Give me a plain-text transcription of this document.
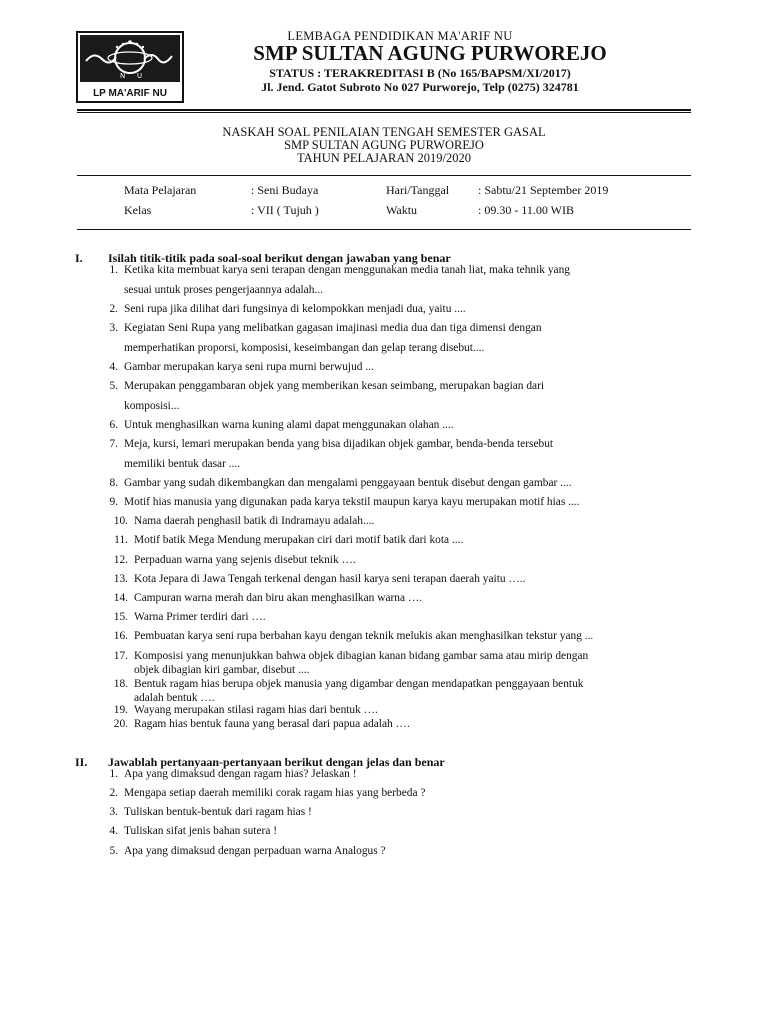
N U
LP MA'ARIF NU
LEMBAGA PENDIDIKAN MA'ARIF NU
SMP SULTAN AGUNG PURWOREJO
STATUS : TERAKREDITASI B (No 165/BAPSM/XI/2017)
Jl. Jend. Gatot Subroto No 027 Purworejo, Telp (0275) 324781
NASKAH SOAL PENILAIAN TENGAH SEMESTER GASAL
SMP SULTAN AGUNG PURWOREJO
TAHUN PELAJARAN 2019/2020
Mata Pelajaran	: Seni Budaya	Hari/Tanggal : Sabtu/21 September 2019
Kelas	: VII ( Tujuh )	Waktu	: 09.30 - 11.00 WIB
I. Isilah titik-titik pada soal-soal berikut dengan jawaban yang benar
1. Ketika kita membuat karya seni terapan dengan menggunakan media tanah liat, maka tehnik yang
sesuai untuk proses pengerjaannya adalah...
2. Seni rupa jika dilihat dari fungsinya di kelompokkan menjadi dua, yaitu ....
3. Kegiatan Seni Rupa yang melibatkan gagasan imajinasi media dua dan tiga dimensi dengan
memperhatikan proporsi, komposisi, keseimbangan dan gelap terang disebut....
4. Gambar merupakan karya seni rupa murni berwujud ...
5. Merupakan penggambaran objek yang memberikan kesan seimbang, merupakan bagian dari
komposisi...
6. Untuk menghasilkan warna kuning alami dapat menggunakan olahan ....
7. Meja, kursi, lemari merupakan benda yang bisa dijadikan objek gambar, benda-benda tersebut
memiliki bentuk dasar ....
8. Gambar yang sudah dikembangkan dan mengalami penggayaan bentuk disebut dengan gambar ....
9. Motif hias manusia yang digunakan pada karya tekstil maupun karya kayu merupakan motif hias ....
10. Nama daerah penghasil batik di Indramayu adalah....
11. Motif batik Mega Mendung merupakan ciri dari motif batik dari kota ....
12. Perpaduan warna yang sejenis disebut teknik ….
13. Kota Jepara di Jawa Tengah terkenal dengan hasil karya seni terapan daerah yaitu …..
14. Campuran warna merah dan biru akan menghasilkan warna ….
15. Warna Primer terdiri dari ….
16. Pembuatan karya seni rupa berbahan kayu dengan teknik melukis akan menghasilkan tekstur yang ...
17. Komposisi yang menunjukkan bahwa objek dibagian kanan bidang gambar sama atau mirip dengan
objek dibagian kiri gambar, disebut ....
18. Bentuk ragam hias berupa objek manusia yang digambar dengan mendapatkan penggayaan bentuk
adalah bentuk ….
19. Wayang merupakan stilasi ragam hias dari bentuk ….
20. Ragam hias bentuk fauna yang berasal dari papua adalah ….
II. Jawablah pertanyaan-pertanyaan berikut dengan jelas dan benar
1. Apa yang dimaksud dengan ragam hias? Jelaskan !
2. Mengapa setiap daerah memiliki corak ragam hias yang berbeda ?
3. Tuliskan bentuk-bentuk dari ragam hias !
4. Tuliskan sifat jenis bahan sutera !
5. Apa yang dimaksud dengan perpaduan warna Analogus ?
